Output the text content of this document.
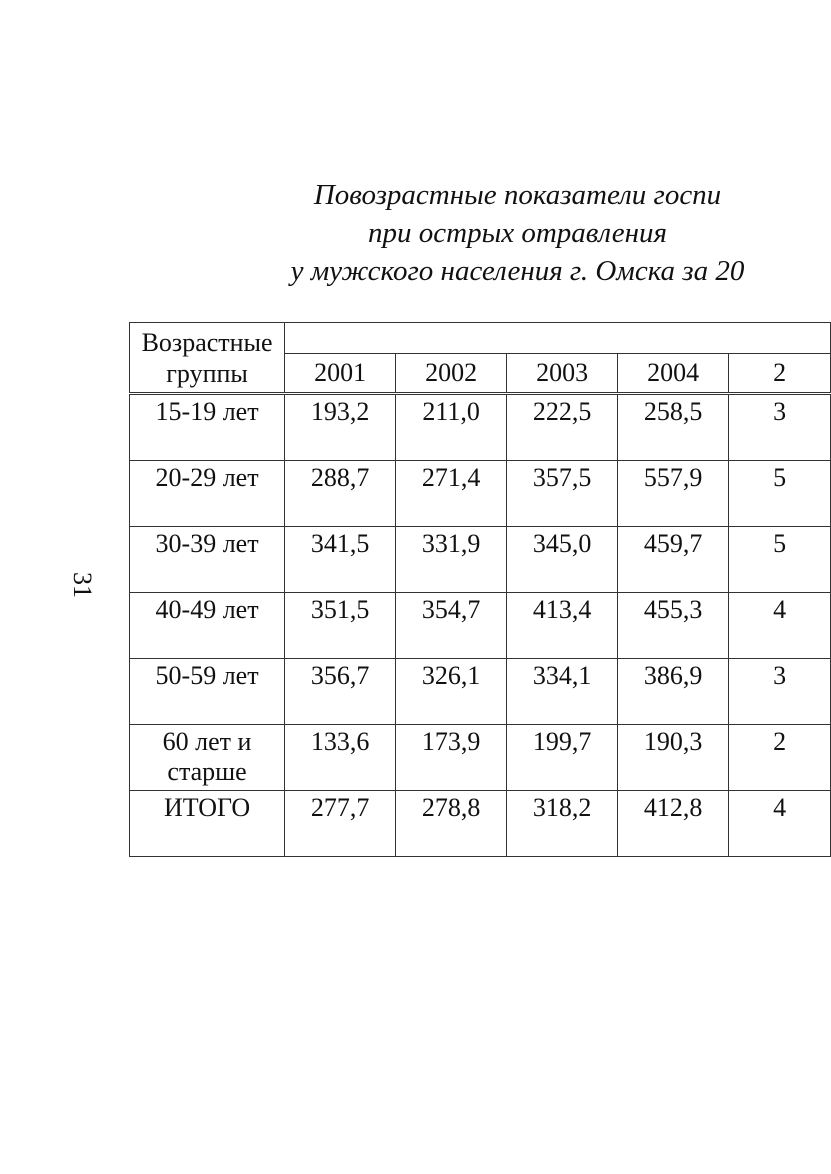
Повозрастные показатели госпи
при острых отравления
у мужского населения г. Омска за 20
31
Возрастные группы					
	2001	2002	2003	2004	2
15-19 лет	193,2	211,0	222,5	258,5	3
20-29 лет	288,7	271,4	357,5	557,9	5
30-39 лет	341,5	331,9	345,0	459,7	5
40-49 лет	351,5	354,7	413,4	455,3	4
50-59 лет	356,7	326,1	334,1	386,9	3
60 лет и старше	133,6	173,9	199,7	190,3	2
ИТОГО	277,7	278,8	318,2	412,8	4
